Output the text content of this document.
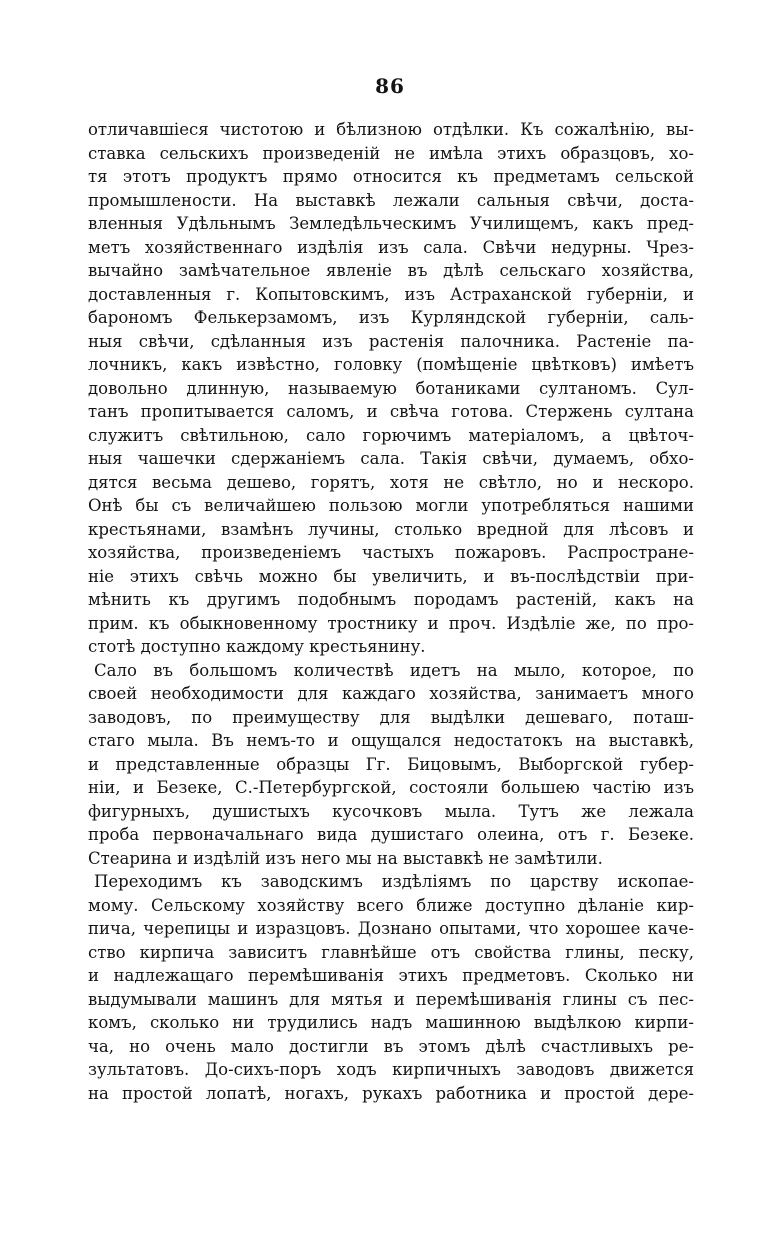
86
отличавшіеся чистотою и бѣлизною отдѣлки. Къ сожалѣнію, вы-
ставка сельскихъ произведеній не имѣла этихъ образцовъ, хо-
тя этотъ продуктъ прямо относится къ предметамъ сельской
промышлености. На выставкѣ лежали сальныя свѣчи, доста-
вленныя Удѣльнымъ Земледѣльческимъ Училищемъ, какъ пред-
метъ хозяйственнаго издѣлія изъ сала. Свѣчи недурны. Чрез-
вычайно замѣчательное явленіе въ дѣлѣ сельскаго хозяйства,
доставленныя г. Копытовскимъ, изъ Астраханской губерніи, и
барономъ Фелькерзамомъ, изъ Курляндской губерніи, саль-
ныя свѣчи, сдѣланныя изъ растенія палочника. Растеніе па-
лочникъ, какъ извѣстно, головку (помѣщеніе цвѣтковъ) имѣетъ
довольно длинную, называемую ботаниками султаномъ. Сул-
танъ пропитывается саломъ, и свѣча готова. Стержень султана
служитъ свѣтильною, сало горючимъ матеріаломъ, а цвѣточ-
ныя чашечки сдержаніемъ сала. Такія свѣчи, думаемъ, обхо-
дятся весьма дешево, горятъ, хотя не свѣтло, но и нескоро.
Онѣ бы съ величайшею пользою могли употребляться нашими
крестьянами, взамѣнъ лучины, столько вредной для лѣсовъ и
хозяйства, произведеніемъ частыхъ пожаровъ. Распростране-
ніе этихъ свѣчь можно бы увеличить, и въ-послѣдствіи при-
мѣнить къ другимъ подобнымъ породамъ растеній, какъ на
прим. къ обыкновенному тростнику и проч. Издѣліе же, по про-
стотѣ доступно каждому крестьянину.
Сало въ большомъ количествѣ идетъ на мыло, которое, по
своей необходимости для каждаго хозяйства, занимаетъ много
заводовъ, по преимуществу для выдѣлки дешеваго, поташ-
стаго мыла. Въ немъ-то и ощущался недостатокъ на выставкѣ,
и представленные образцы Гг. Бицовымъ, Выборгской губер-
ніи, и Безеке, С.-Петербургской, состояли большею частію изъ
фигурныхъ, душистыхъ кусочковъ мыла. Тутъ же лежала
проба первоначальнаго вида душистаго олеина, отъ г. Безеке.
Стеарина и издѣлій изъ него мы на выставкѣ не замѣтили.
Переходимъ къ заводскимъ издѣліямъ по царству ископае-
мому. Сельскому хозяйству всего ближе доступно дѣланіе кир-
пича, черепицы и изразцовъ. Дознано опытами, что хорошее каче-
ство кирпича зависитъ главнѣйше отъ свойства глины, песку,
и надлежащаго перемѣшиванія этихъ предметовъ. Сколько ни
выдумывали машинъ для мятья и перемѣшиванія глины съ пес-
комъ, сколько ни трудились надъ машинною выдѣлкою кирпи-
ча, но очень мало достигли въ этомъ дѣлѣ счастливыхъ ре-
зультатовъ. До-сихъ-поръ ходъ кирпичныхъ заводовъ движется
на простой лопатѣ, ногахъ, рукахъ работника и простой дере-
